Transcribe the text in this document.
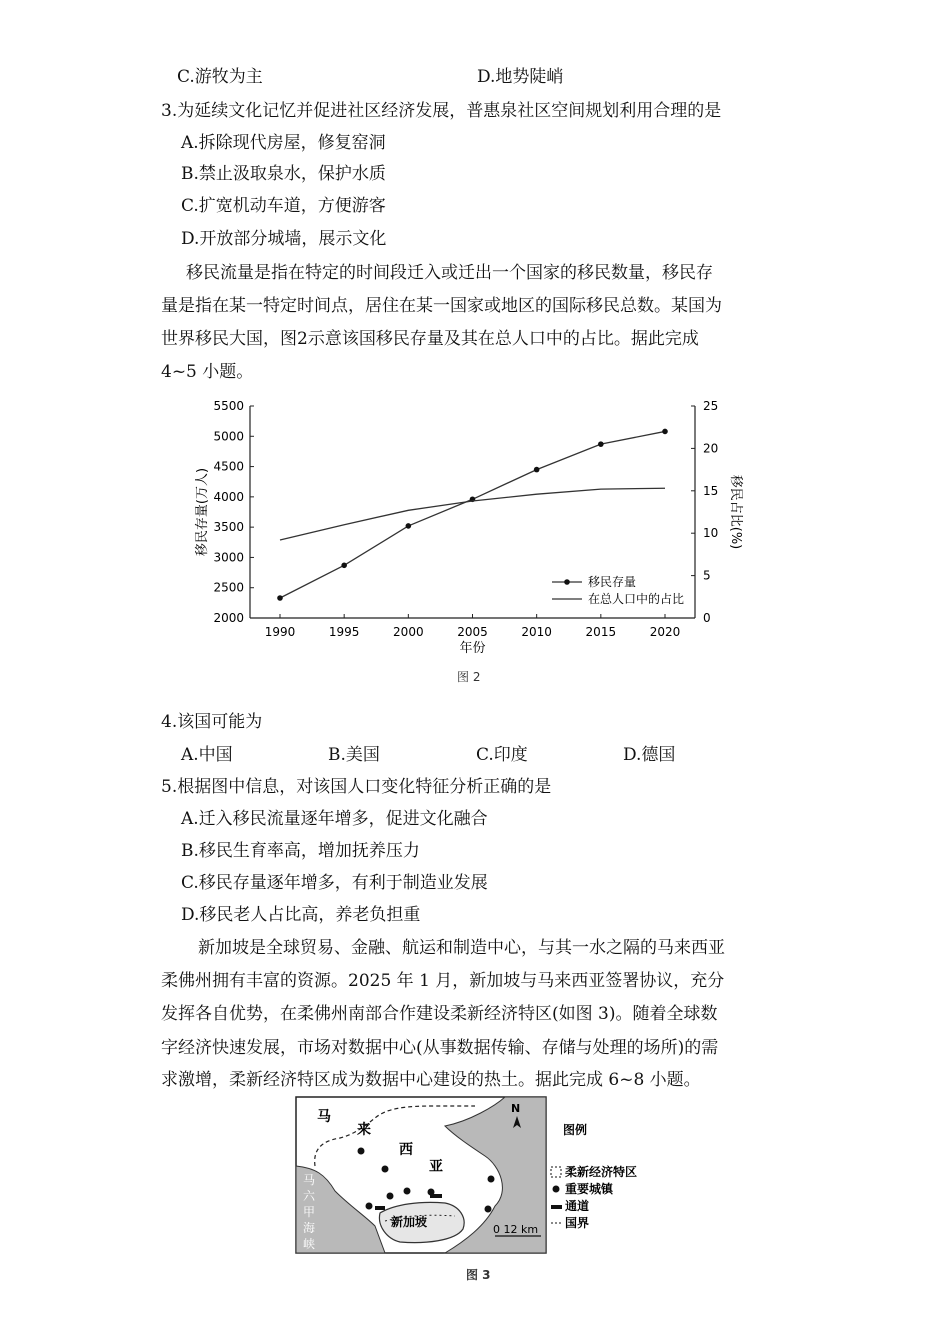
C.游牧为主	D.地势陡峭
3.为延续文化记忆并促进社区经济发展，普惠泉社区空间规划利用合理的是
A.拆除现代房屋，修复窑洞
B.禁止汲取泉水，保护水质
C.扩宽机动车道，方便游客
D.开放部分城墙，展示文化
移民流量是指在特定的时间段迁入或迁出一个国家的移民数量，移民存
量是指在某一特定时间点，居住在某一国家或地区的国际移民总数。某国为
世界移民大国，图2示意该国移民存量及其在总人口中的占比。据此完成
4~5 小题。
2000
2500
3000
3500
4000
4500
5000
5500
0
5
10
15
20
25
1990	1995	2000	2005	2010	2015	2020
年份
移民存量(万人)	移民占比(%)
移民存量
在总人口中的占比
图 2
4.该国可能为
A.中国	B.美国	C.印度	D.德国
5.根据图中信息，对该国人口变化特征分析正确的是
A.迁入移民流量逐年增多，促进文化融合
B.移民生育率高，增加抚养压力
C.移民存量逐年增多，有利于制造业发展
D.移民老人占比高，养老负担重
新加坡是全球贸易、金融、航运和制造中心，与其一水之隔的马来西亚
柔佛州拥有丰富的资源。2025 年 1 月，新加坡与马来西亚签署协议，充分
发挥各自优势，在柔佛州南部合作建设柔新经济特区(如图 3)。随着全球数
字经济快速发展，市场对数据中心(从事数据传输、存储与处理的场所)的需
求激增，柔新经济特区成为数据中心建设的热土。据此完成 6~8 小题。
马
来
西
亚
马
六
甲
海
峡
新加坡
N
0 12 km
图例
柔新经济特区
重要城镇
通道
国界
图 3
